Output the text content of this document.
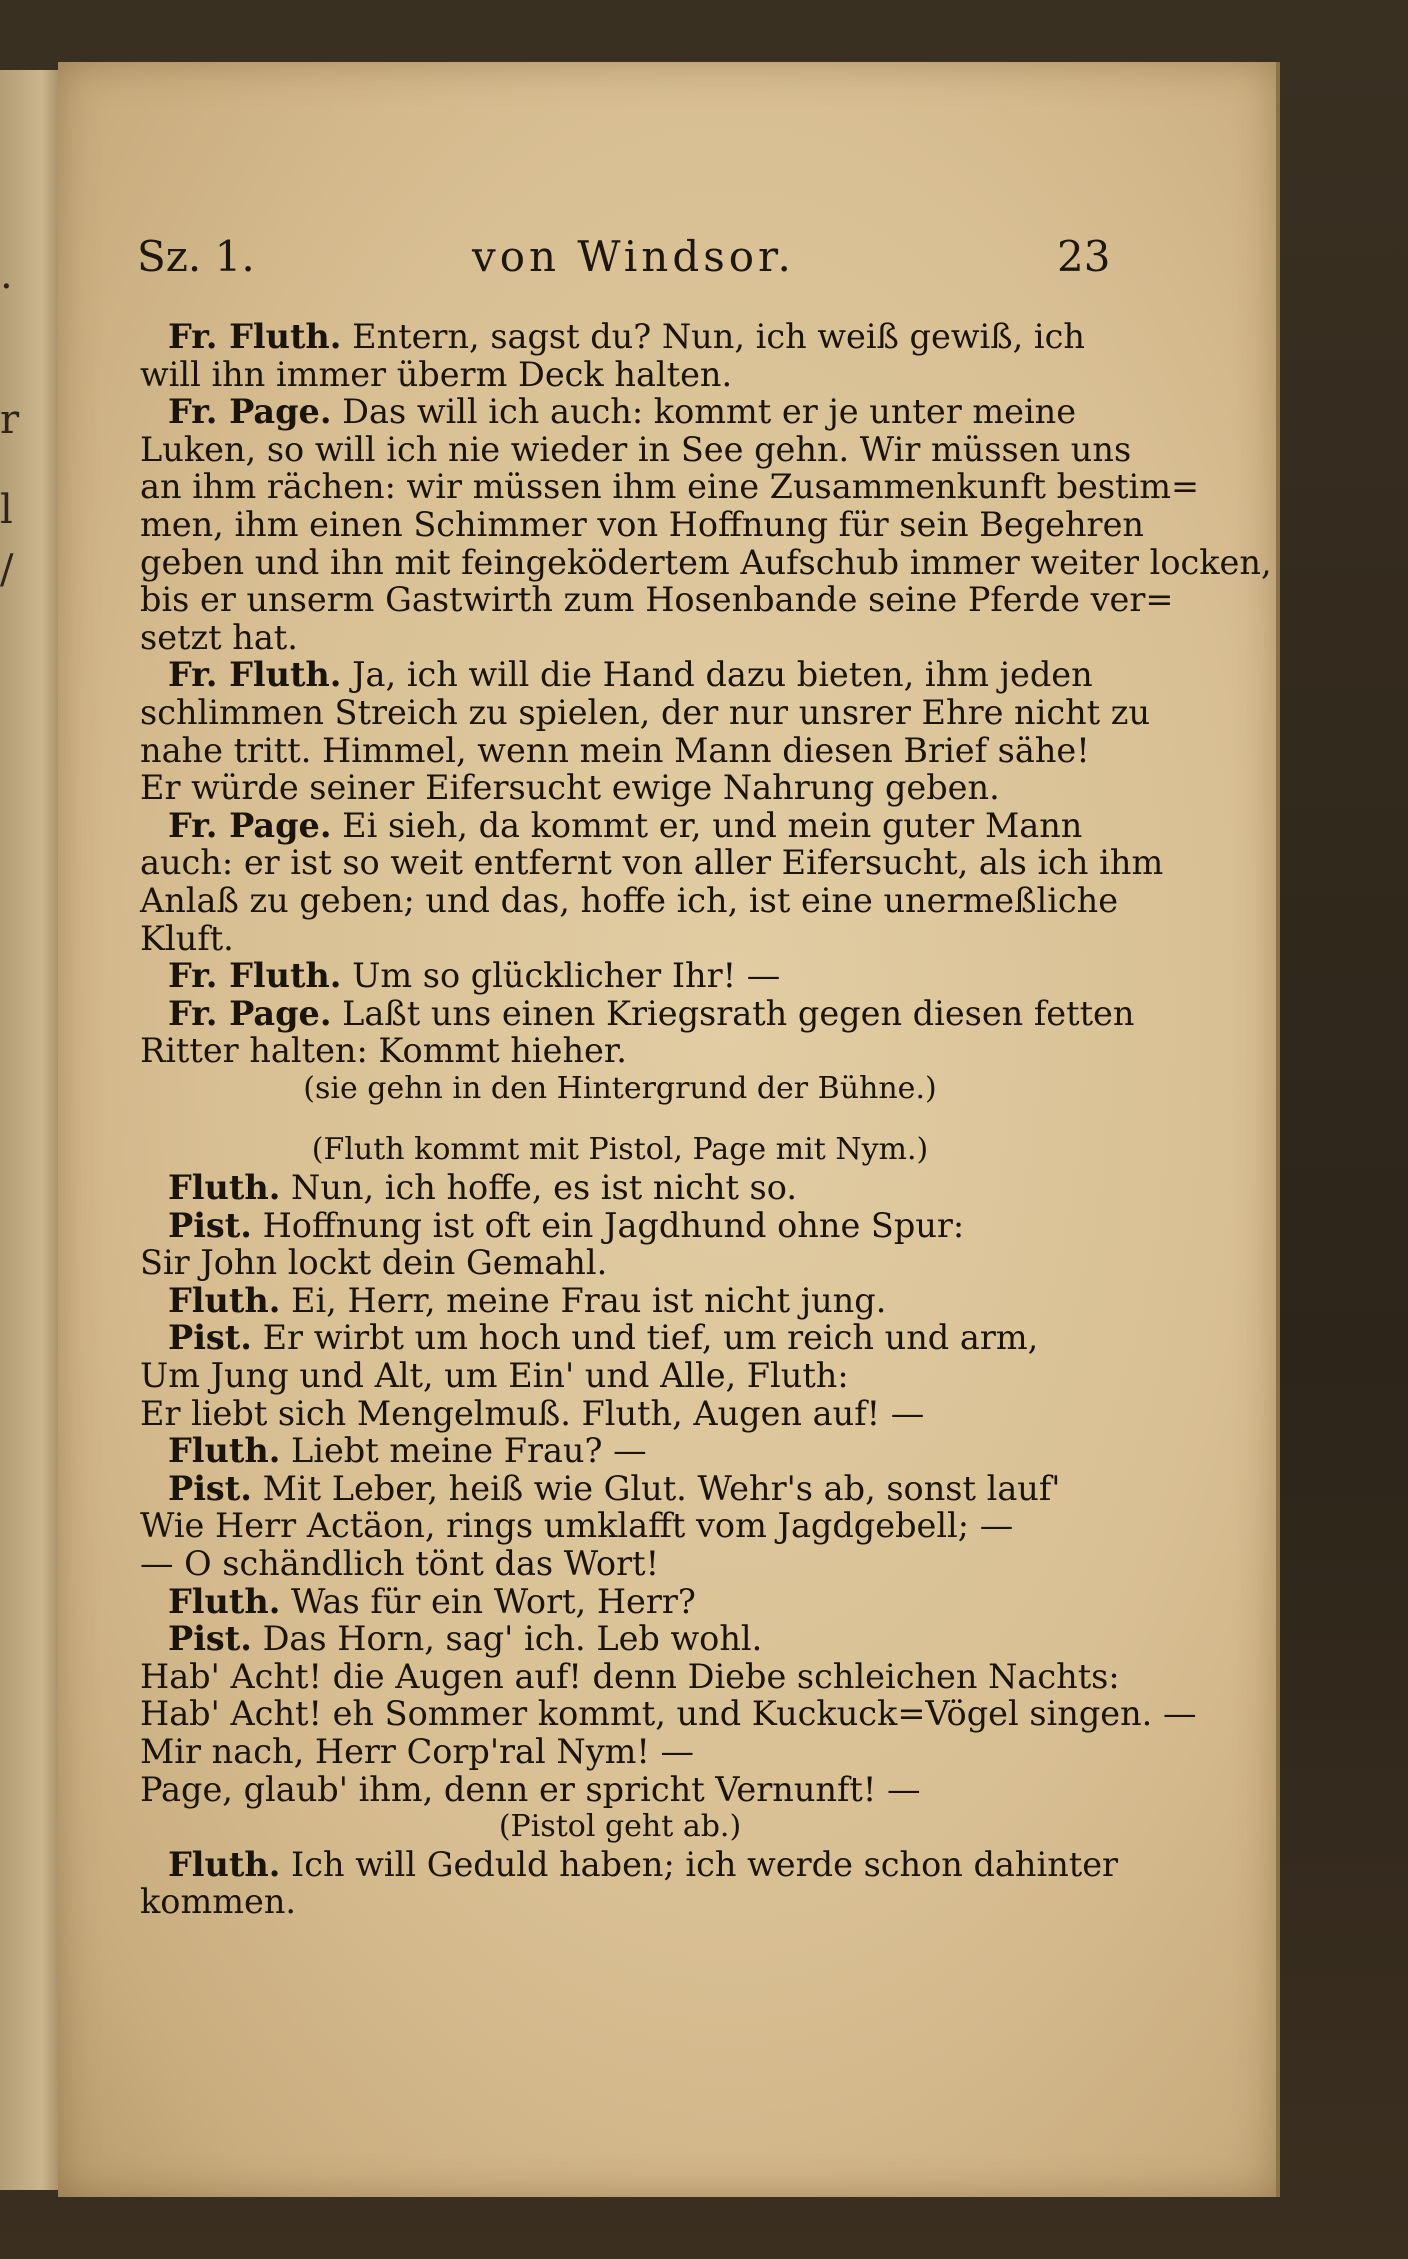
.
r
l
/
Sz. 1.	von Windsor.	23
Fr. Fluth. Entern, sagst du? Nun, ich weiß gewiß, ich
will ihn immer überm Deck halten.
Fr. Page. Das will ich auch: kommt er je unter meine
Luken, so will ich nie wieder in See gehn. Wir müssen uns
an ihm rächen: wir müssen ihm eine Zusammenkunft bestim=
men, ihm einen Schimmer von Hoffnung für sein Begehren
geben und ihn mit feingeködertem Aufschub immer weiter locken,
bis er unserm Gastwirth zum Hosenbande seine Pferde ver=
setzt hat.
Fr. Fluth. Ja, ich will die Hand dazu bieten, ihm jeden
schlimmen Streich zu spielen, der nur unsrer Ehre nicht zu
nahe tritt. Himmel, wenn mein Mann diesen Brief sähe!
Er würde seiner Eifersucht ewige Nahrung geben.
Fr. Page. Ei sieh, da kommt er, und mein guter Mann
auch: er ist so weit entfernt von aller Eifersucht, als ich ihm
Anlaß zu geben; und das, hoffe ich, ist eine unermeßliche
Kluft.
Fr. Fluth. Um so glücklicher Ihr! —
Fr. Page. Laßt uns einen Kriegsrath gegen diesen fetten
Ritter halten: Kommt hieher.
(sie gehn in den Hintergrund der Bühne.)
(Fluth kommt mit Pistol, Page mit Nym.)
Fluth. Nun, ich hoffe, es ist nicht so.
Pist. Hoffnung ist oft ein Jagdhund ohne Spur:
Sir John lockt dein Gemahl.
Fluth. Ei, Herr, meine Frau ist nicht jung.
Pist. Er wirbt um hoch und tief, um reich und arm,
Um Jung und Alt, um Ein' und Alle, Fluth:
Er liebt sich Mengelmuß. Fluth, Augen auf! —
Fluth. Liebt meine Frau? —
Pist. Mit Leber, heiß wie Glut. Wehr's ab, sonst lauf'
Wie Herr Actäon, rings umklafft vom Jagdgebell; —
— O schändlich tönt das Wort!
Fluth. Was für ein Wort, Herr?
Pist. Das Horn, sag' ich. Leb wohl.
Hab' Acht! die Augen auf! denn Diebe schleichen Nachts:
Hab' Acht! eh Sommer kommt, und Kuckuck=Vögel singen. —
Mir nach, Herr Corp'ral Nym! —
Page, glaub' ihm, denn er spricht Vernunft! —
(Pistol geht ab.)
Fluth. Ich will Geduld haben; ich werde schon dahinter
kommen.
